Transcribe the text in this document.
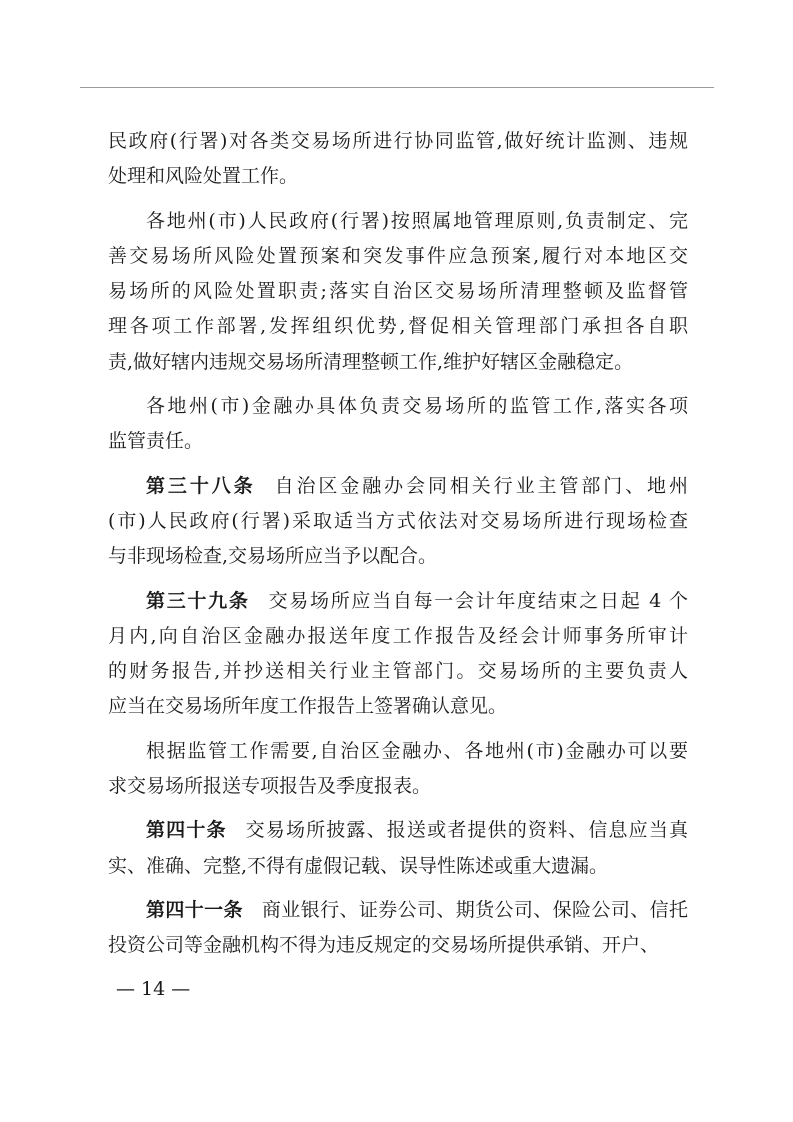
民政府(行署)对各类交易场所进行协同监管,做好统计监测、违规
处理和风险处置工作。
各地州(市)人民政府(行署)按照属地管理原则,负责制定、完
善交易场所风险处置预案和突发事件应急预案,履行对本地区交
易场所的风险处置职责;落实自治区交易场所清理整顿及监督管
理各项工作部署,发挥组织优势,督促相关管理部门承担各自职
责,做好辖内违规交易场所清理整顿工作,维护好辖区金融稳定。
各地州(市)金融办具体负责交易场所的监管工作,落实各项
监管责任。
第三十八条 自治区金融办会同相关行业主管部门、地州
(市)人民政府(行署)采取适当方式依法对交易场所进行现场检查
与非现场检查,交易场所应当予以配合。
第三十九条 交易场所应当自每一会计年度结束之日起 4 个
月内,向自治区金融办报送年度工作报告及经会计师事务所审计
的财务报告,并抄送相关行业主管部门。交易场所的主要负责人
应当在交易场所年度工作报告上签署确认意见。
根据监管工作需要,自治区金融办、各地州(市)金融办可以要
求交易场所报送专项报告及季度报表。
第四十条 交易场所披露、报送或者提供的资料、信息应当真
实、准确、完整,不得有虚假记载、误导性陈述或重大遗漏。
第四十一条 商业银行、证券公司、期货公司、保险公司、信托
投资公司等金融机构不得为违反规定的交易场所提供承销、开户、
— 14 —
